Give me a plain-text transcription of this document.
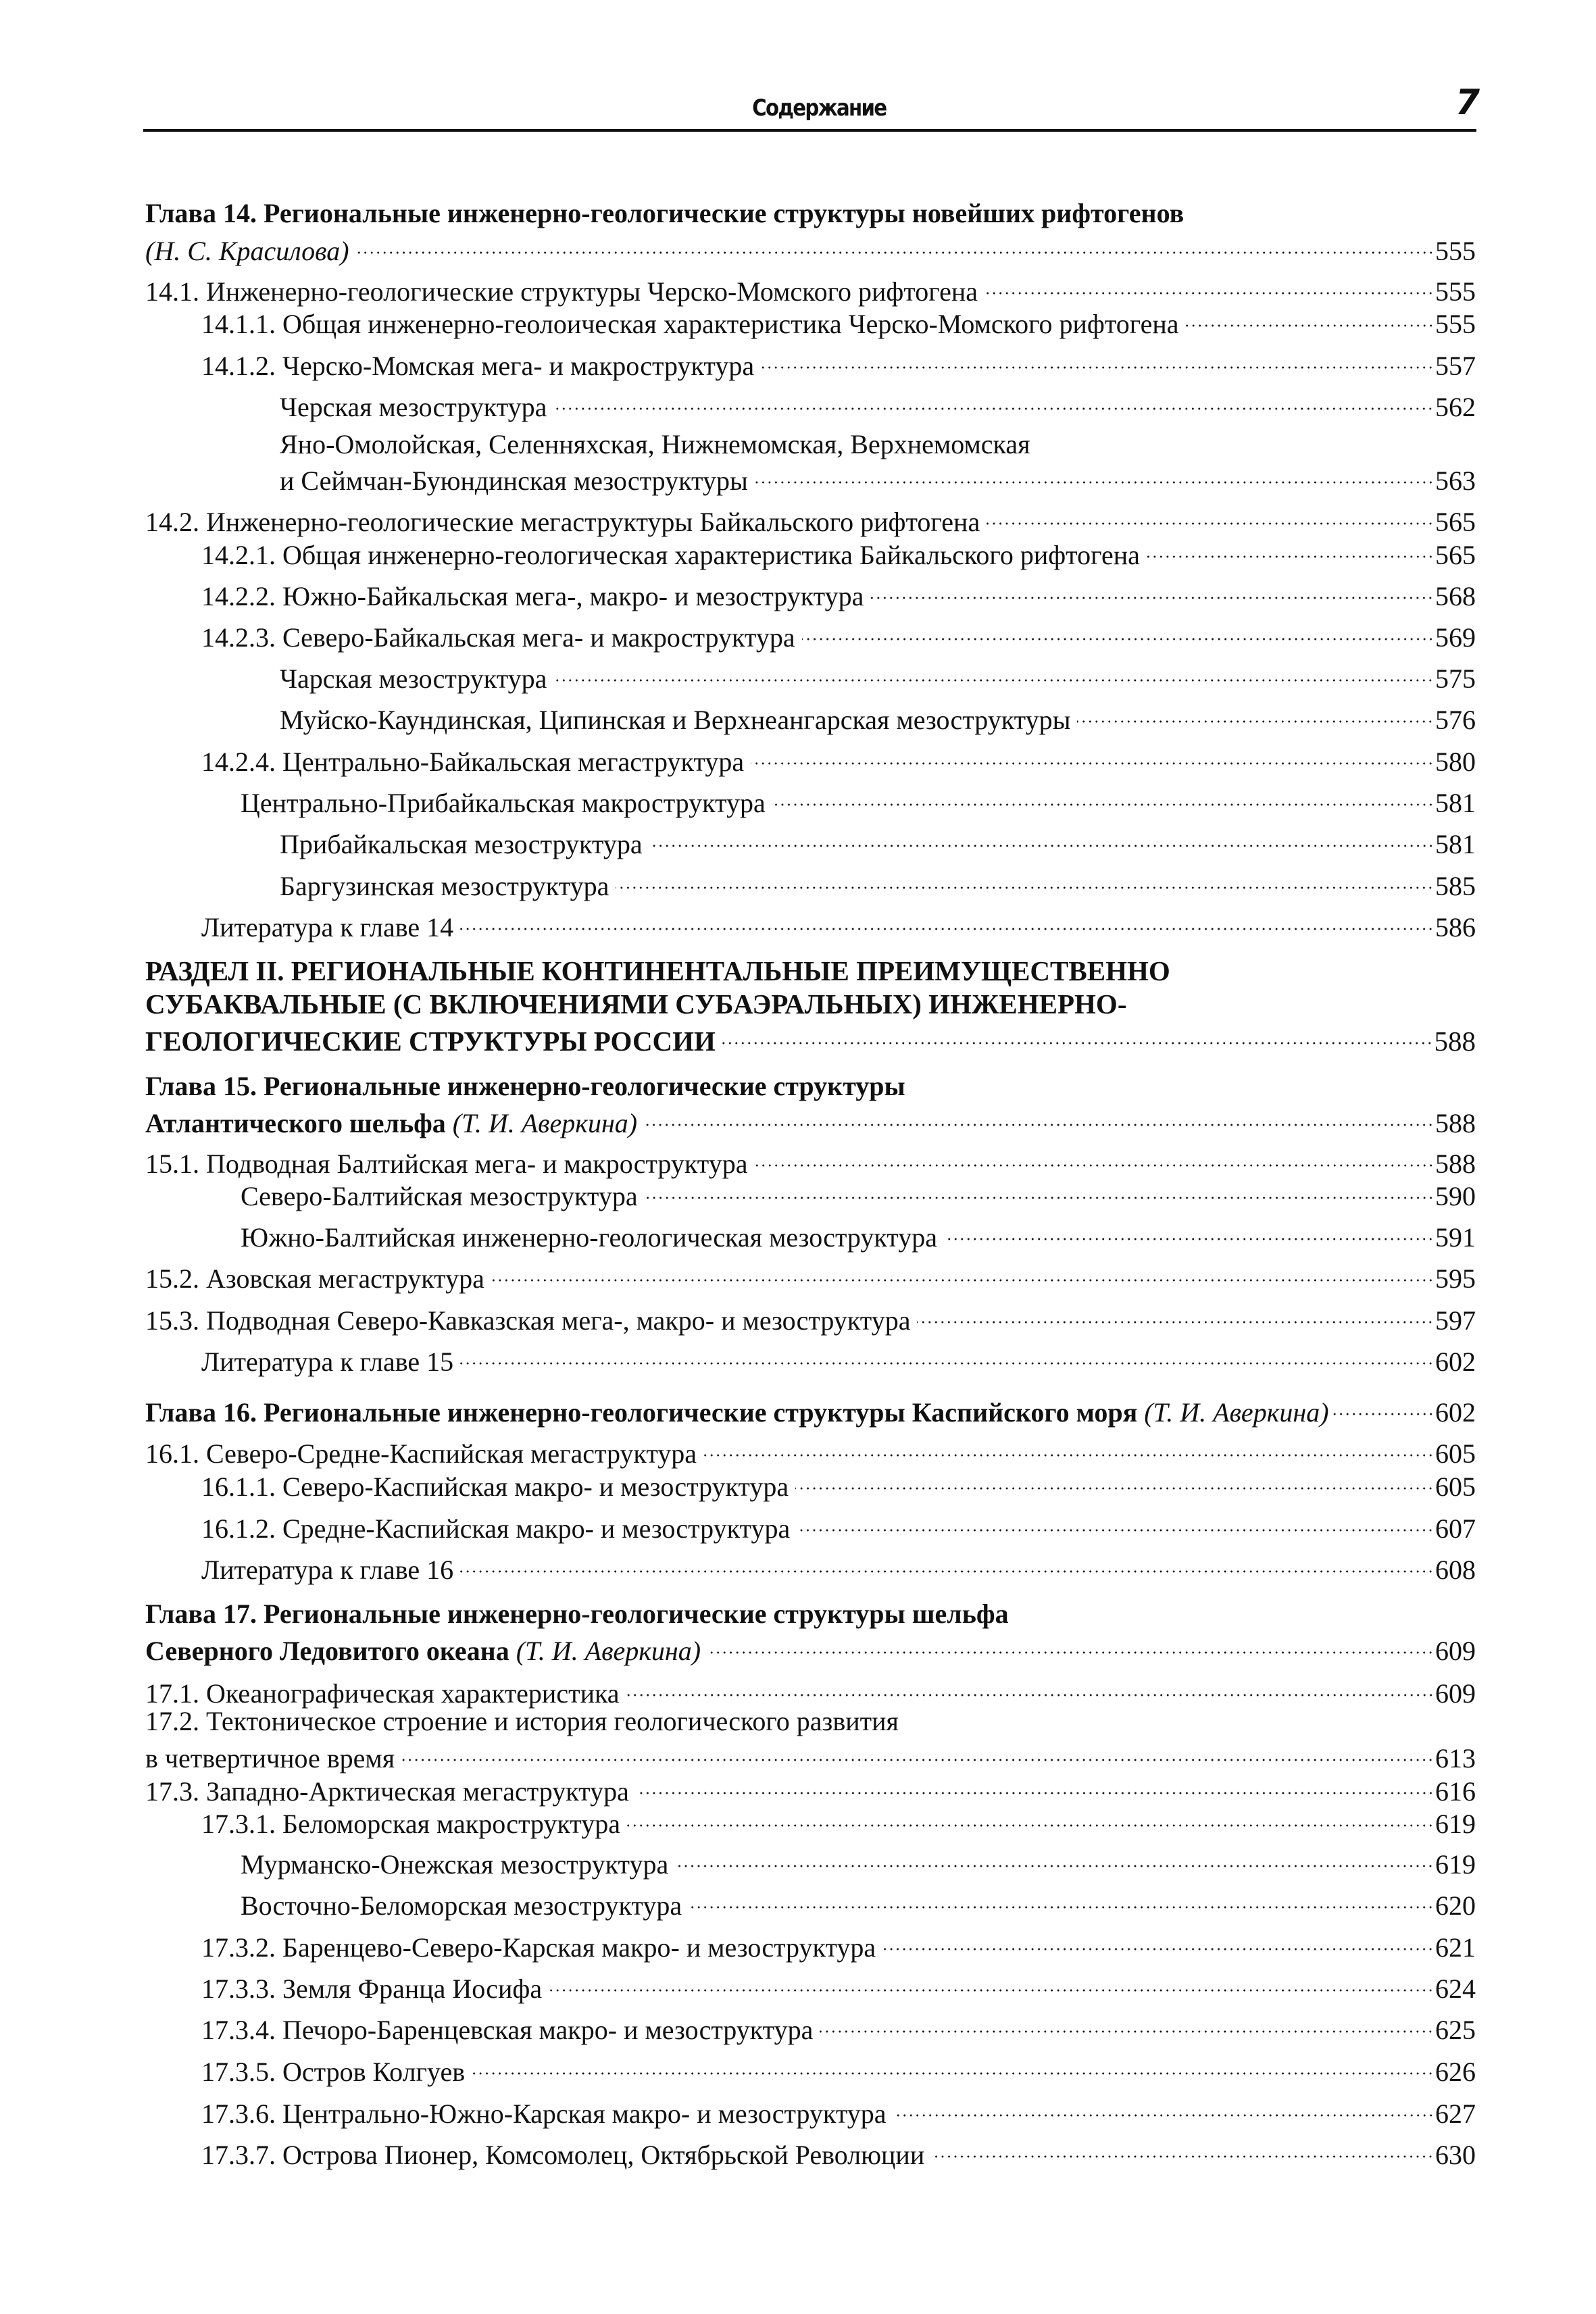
Содержание	7
Глава 14. Региональные инженерно-геологические структуры новейших рифтогенов
(Н. С. Красилова)	555
14.1. Инженерно-геологические структуры Черско-Момского рифтогена	555
14.1.1. Общая инженерно-геолоическая характеристика Черско-Момского рифтогена	555
14.1.2. Черско-Момская мега- и макроструктура	557
Черская мезоструктура	562
Яно-Омолойская, Селенняхская, Нижнемомская, Верхнемомская
и Сеймчан-Буюндинская мезоструктуры	563
14.2. Инженерно-геологические мегаструктуры Байкальского рифтогена	565
14.2.1. Общая инженерно-геологическая характеристика Байкальского рифтогена	565
14.2.2. Южно-Байкальская мега-, макро- и мезоструктура	568
14.2.3. Северо-Байкальская мега- и макроструктура	569
Чарская мезоструктура	575
Муйско-Каундинская, Ципинская и Верхнеангарская мезоструктуры	576
14.2.4. Центрально-Байкальская мегаструктура	580
Центрально-Прибайкальская макроструктура	581
Прибайкальская мезоструктура	581
Баргузинская мезоструктура	585
Литература к главе 14	586
РАЗДЕЛ II. РЕГИОНАЛЬНЫЕ КОНТИНЕНТАЛЬНЫЕ ПРЕИМУЩЕСТВЕННО
СУБАКВАЛЬНЫЕ (С ВКЛЮЧЕНИЯМИ СУБАЭРАЛЬНЫХ) ИНЖЕНЕРНО-
ГЕОЛОГИЧЕСКИЕ СТРУКТУРЫ РОССИИ	588
Глава 15. Региональные инженерно-геологические структуры
Атлантического шельфа (Т. И. Аверкина)	588
15.1. Подводная Балтийская мега- и макроструктура	588
Северо-Балтийская мезоструктура	590
Южно-Балтийская инженерно-геологическая мезоструктура	591
15.2. Азовская мегаструктура	595
15.3. Подводная Северо-Кавказская мега-, макро- и мезоструктура	597
Литература к главе 15	602
Глава 16. Региональные инженерно-геологические структуры Каспийского моря (Т. И. Аверкина)	602
16.1. Северо-Средне-Каспийская мегаструктура	605
16.1.1. Северо-Каспийская макро- и мезоструктура	605
16.1.2. Средне-Каспийская макро- и мезоструктура	607
Литература к главе 16	608
Глава 17. Региональные инженерно-геологические структуры шельфа
Северного Ледовитого океана (Т. И. Аверкина)	609
17.1. Океанографическая характеристика	609
17.2. Тектоническое строение и история геологического развития
в четвертичное время	613
17.3. Западно-Арктическая мегаструктура	616
17.3.1. Беломорская макроструктура	619
Мурманско-Онежская мезоструктура	619
Восточно-Беломорская мезоструктура	620
17.3.2. Баренцево-Северо-Карская макро- и мезоструктура	621
17.3.3. Земля Франца Иосифа	624
17.3.4. Печоро-Баренцевская макро- и мезоструктура	625
17.3.5. Остров Колгуев	626
17.3.6. Центрально-Южно-Карская макро- и мезоструктура	627
17.3.7. Острова Пионер, Комсомолец, Октябрьской Революции	630
